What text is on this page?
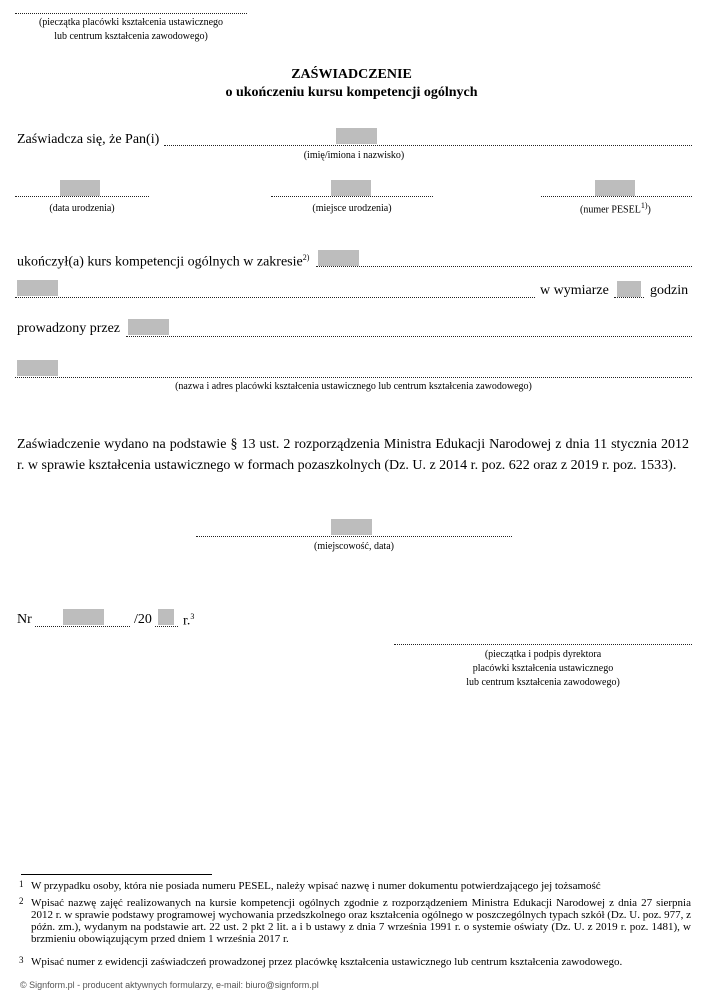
(pieczątka placówki kształcenia ustawicznego
lub centrum kształcenia zawodowego)
ZAŚWIADCZENIE
o ukończeniu kursu kompetencji ogólnych
Zaświadcza się, że Pan(i)
(imię/imiona i nazwisko)
(data urodzenia)	(miejsce urodzenia)	(numer PESEL$^{1)}$)
ukończył(a) kurs kompetencji ogólnych w zakresie$^{2)}$
w wymiarze	godzin
prowadzony przez
(nazwa i adres placówki kształcenia ustawicznego lub centrum kształcenia zawodowego)
Zaświadczenie wydano na podstawie § 13 ust. 2 rozporządzenia Ministra Edukacji Narodowej z dnia 11 stycznia 2012 r. w sprawie kształcenia ustawicznego w formach pozaszkolnych (Dz. U. z 2014 r. poz. 622 oraz z 2019 r. poz. 1533).
(miejscowość, data)
Nr	/20 r.$^3$
(pieczątka i podpis dyrektora
placówki kształcenia ustawicznego
lub centrum kształcenia zawodowego)
1 W przypadku osoby, która nie posiada numeru PESEL, należy wpisać nazwę i numer dokumentu potwierdzającego jej tożsamość
2 Wpisać nazwę zajęć realizowanych na kursie kompetencji ogólnych zgodnie z rozporządzeniem Ministra Edukacji Narodowej z dnia 27 sierpnia 2012 r. w sprawie podstawy programowej wychowania przedszkolnego oraz kształcenia ogólnego w poszczególnych typach szkół (Dz. U. poz. 977, z późn. zm.), wydanym na podstawie art. 22 ust. 2 pkt 2 lit. a i b ustawy z dnia 7 września 1991 r. o systemie oświaty (Dz. U. z 2019 r. poz. 1481), w brzmieniu obowiązującym przed dniem 1 września 2017 r.
3 Wpisać numer z ewidencji zaświadczeń prowadzonej przez placówkę kształcenia ustawicznego lub centrum kształcenia zawodowego.
© Signform.pl - producent aktywnych formularzy, e-mail: biuro@signform.pl
